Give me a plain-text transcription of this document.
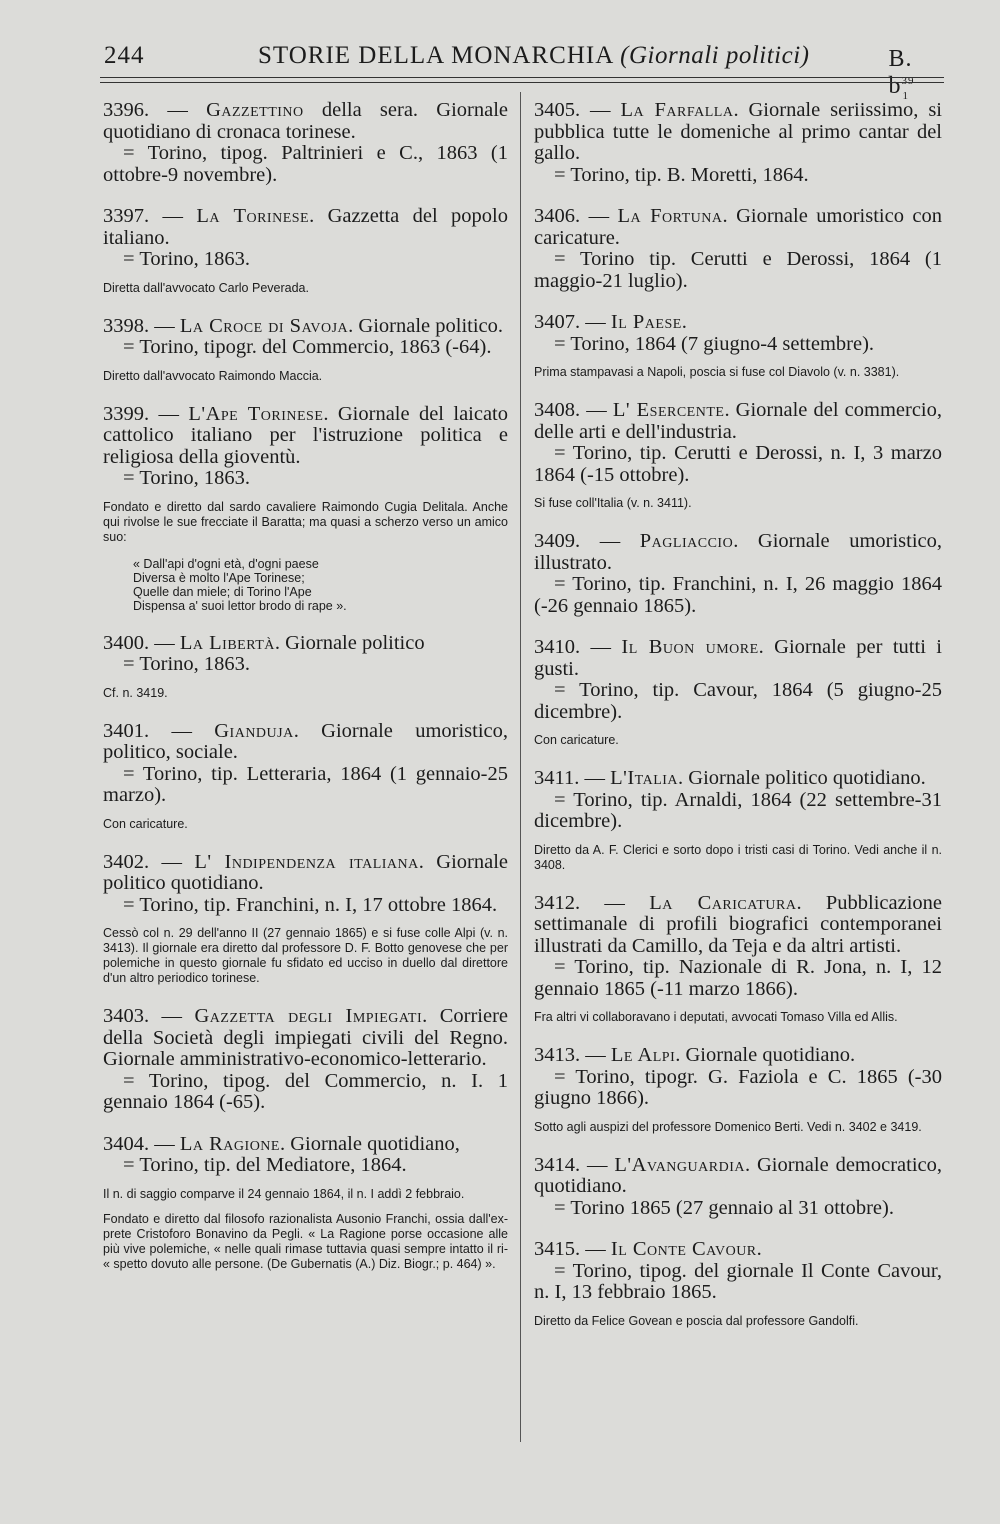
244	STORIE DELLA MONARCHIA (Giornali politici)	B. $b^{39}_1$

3396. — Gazzettino della sera. Giornale quotidiano di cronaca torinese.

= Torino, tipog. Paltrinieri e C., 1863 (1 ottobre-9 novembre).

3397. — La Torinese. Gazzetta del popolo italiano.

= Torino, 1863.

Diretta dall'avvocato Carlo Peverada.

3398. — La Croce di Savoja. Giornale politico.

= Torino, tipogr. del Commercio, 1863 (-64).

Diretto dall'avvocato Raimondo Maccia.

3399. — L'Ape Torinese. Giornale del laicato cattolico italiano per l'istruzione politica e religiosa della gioventù.

= Torino, 1863.

Fondato e diretto dal sardo cavaliere Raimondo Cugia Delitala. Anche qui rivolse le sue frecciate il Baratta; ma quasi a scherzo verso un amico suo:
« Dall'api d'ogni età, d'ogni paese
Diversa è molto l'Ape Torinese;
Quelle dan miele; di Torino l'Ape
Dispensa a' suoi lettor brodo di rape ».

3400. — La Libertà. Giornale politico

= Torino, 1863.

Cf. n. 3419.

3401. — Gianduja. Giornale umoristico, politico, sociale.

= Torino, tip. Letteraria, 1864 (1 gennaio-25 marzo).

Con caricature.

3402. — L' Indipendenza italiana. Giornale politico quotidiano.

= Torino, tip. Franchini, n. I, 17 ottobre 1864.

Cessò col n. 29 dell'anno II (27 gennaio 1865) e si fuse colle Alpi (v. n. 3413). Il giornale era diretto dal professore D. F. Botto genovese che per polemiche in questo giornale fu sfidato ed ucciso in duello dal direttore d'un altro periodico torinese.

3403. — Gazzetta degli Impiegati. Corriere della Società degli impiegati civili del Regno. Giornale amministrativo-economico-letterario.

= Torino, tipog. del Commercio, n. I. 1 gennaio 1864 (-65).

3404. — La Ragione. Giornale quotidiano,

= Torino, tip. del Mediatore, 1864.

Il n. di saggio comparve il 24 gennaio 1864, il n. I addì 2 febbraio.
Fondato e diretto dal filosofo razionalista Ausonio Franchi, ossia dall'ex-prete Cristoforo Bonavino da Pegli. « La Ragione porse occasione alle più vive polemiche, « nelle quali rimase tuttavia quasi sempre intatto il ri- « spetto dovuto alle persone. (De Gubernatis (A.) Diz. Biogr.; p. 464) ».

3405. — La Farfalla. Giornale seriissimo, si pubblica tutte le domeniche al primo cantar del gallo.

= Torino, tip. B. Moretti, 1864.

3406. — La Fortuna. Giornale umoristico con caricature.

= Torino tip. Cerutti e Derossi, 1864 (1 maggio-21 luglio).

3407. — Il Paese.

= Torino, 1864 (7 giugno-4 settembre).

Prima stampavasi a Napoli, poscia si fuse col Diavolo (v. n. 3381).

3408. — L' Esercente. Giornale del commercio, delle arti e dell'industria.

= Torino, tip. Cerutti e Derossi, n. I, 3 marzo 1864 (-15 ottobre).

Si fuse coll'Italia (v. n. 3411).

3409. — Pagliaccio. Giornale umoristico, illustrato.

= Torino, tip. Franchini, n. I, 26 maggio 1864 (-26 gennaio 1865).

3410. — Il Buon umore. Giornale per tutti i gusti.

= Torino, tip. Cavour, 1864 (5 giugno-25 dicembre).

Con caricature.

3411. — L'Italia. Giornale politico quotidiano.

= Torino, tip. Arnaldi, 1864 (22 settembre-31 dicembre).

Diretto da A. F. Clerici e sorto dopo i tristi casi di Torino. Vedi anche il n. 3408.

3412. — La Caricatura. Pubblicazione settimanale di profili biografici contemporanei illustrati da Camillo, da Teja e da altri artisti.

= Torino, tip. Nazionale di R. Jona, n. I, 12 gennaio 1865 (-11 marzo 1866).

Fra altri vi collaboravano i deputati, avvocati Tomaso Villa ed Allis.

3413. — Le Alpi. Giornale quotidiano.

= Torino, tipogr. G. Faziola e C. 1865 (-30 giugno 1866).

Sotto agli auspizi del professore Domenico Berti. Vedi n. 3402 e 3419.

3414. — L'Avanguardia. Giornale democratico, quotidiano.

= Torino 1865 (27 gennaio al 31 ottobre).

3415. — Il Conte Cavour.

= Torino, tipog. del giornale Il Conte Cavour, n. I, 13 febbraio 1865.

Diretto da Felice Govean e poscia dal professore Gandolfi.
